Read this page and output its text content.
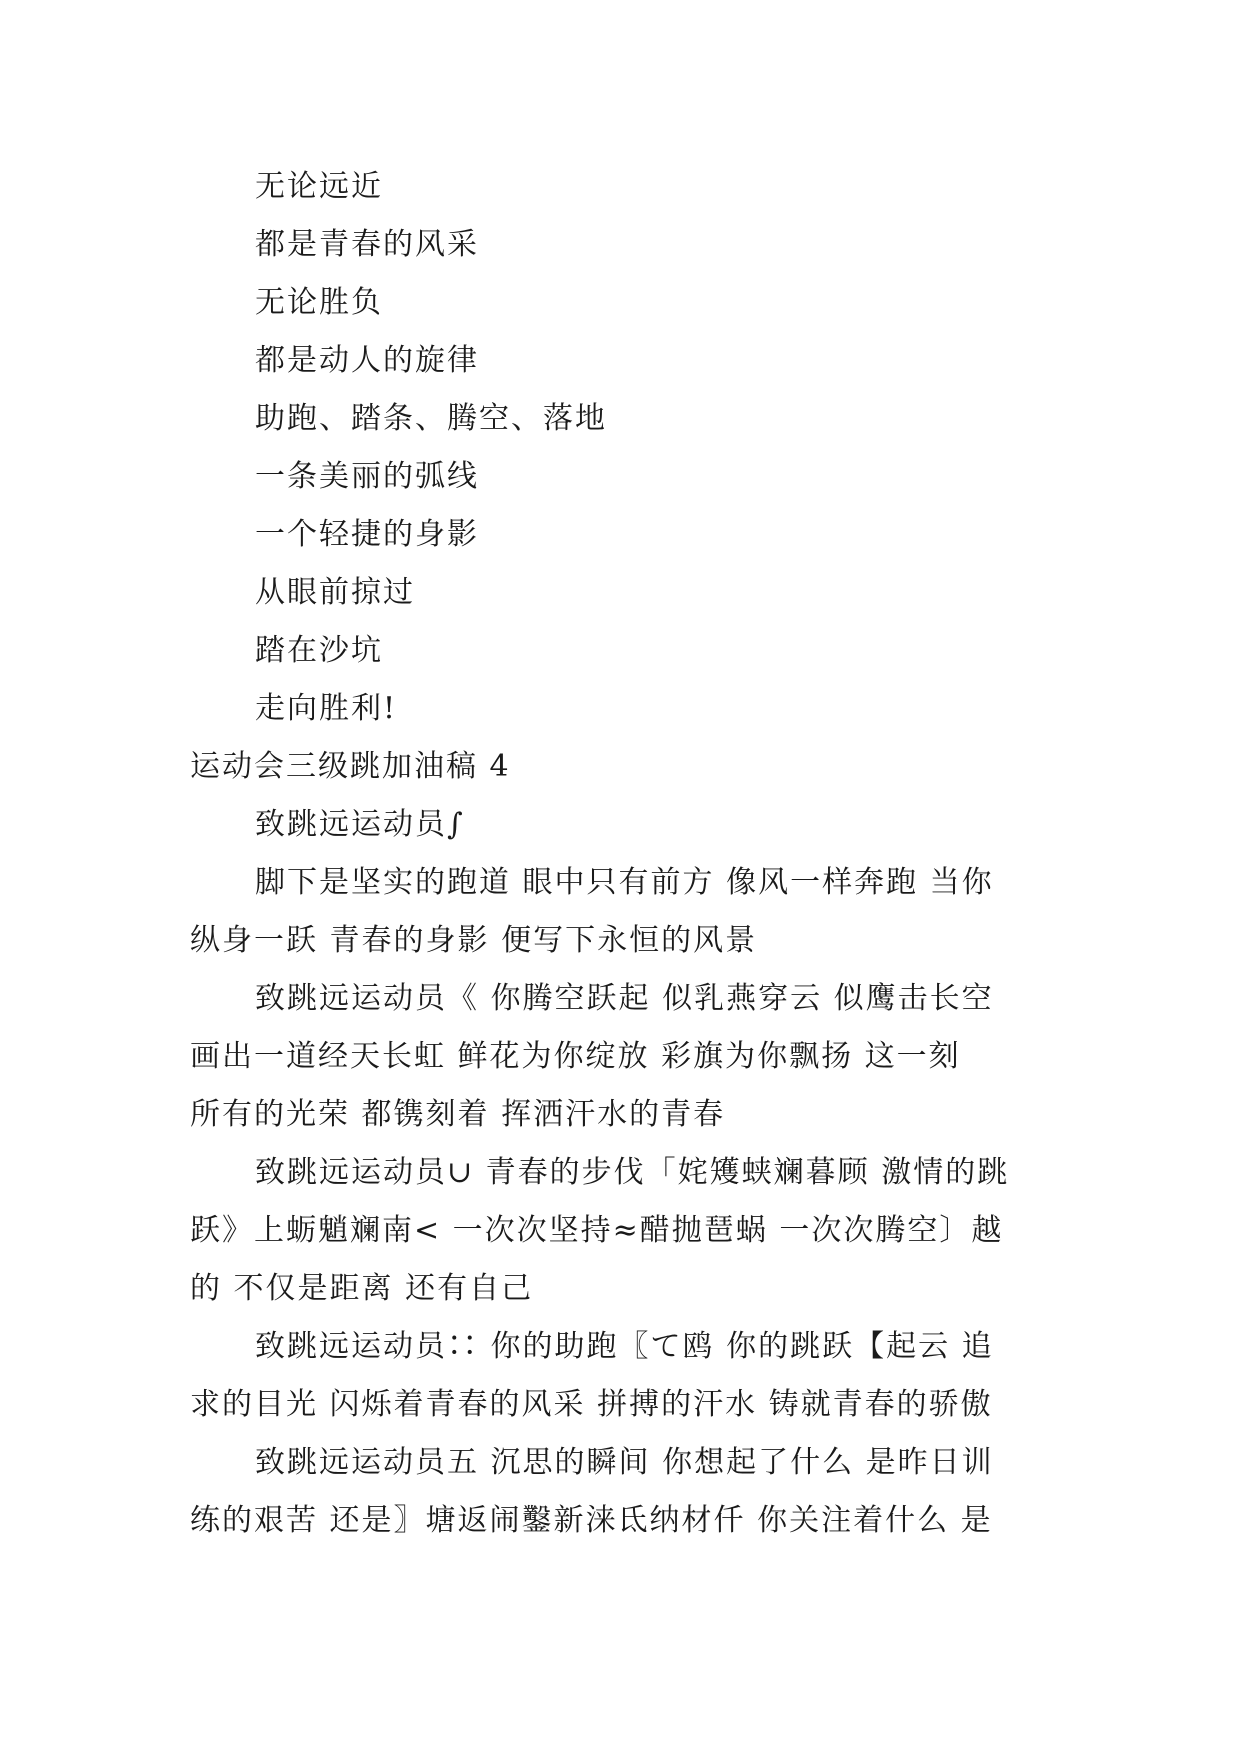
无论远近
都是青春的风采
无论胜负
都是动人的旋律
助跑、踏条、腾空、落地
一条美丽的弧线
一个轻捷的身影
从眼前掠过
踏在沙坑
走向胜利!
运动会三级跳加油稿 4
致跳远运动员∫
脚下是坚实的跑道 眼中只有前方 像风一样奔跑 当你
纵身一跃 青春的身影 便写下永恒的风景
致跳远运动员《 你腾空跃起 似乳燕穿云 似鹰击长空
画出一道经天长虹 鲜花为你绽放 彩旗为你飘扬 这一刻
所有的光荣 都镌刻着 挥洒汗水的青春
致跳远运动员∪ 青春的步伐「姹矱蛱斓暮顾 激情的跳
跃》上蛎魈斓南< 一次次坚持≈醋抛琶蜗 一次次腾空〕越
的 不仅是距离 还有自己
致跳远运动员∷ 你的助跑〖て鸥 你的跳跃【起云 追
求的目光 闪烁着青春的风采 拼搏的汗水 铸就青春的骄傲
致跳远运动员五 沉思的瞬间 你想起了什么 是昨日训
练的艰苦 还是〗塘返闹鑿新涞氐纳材仟 你关注着什么 是
